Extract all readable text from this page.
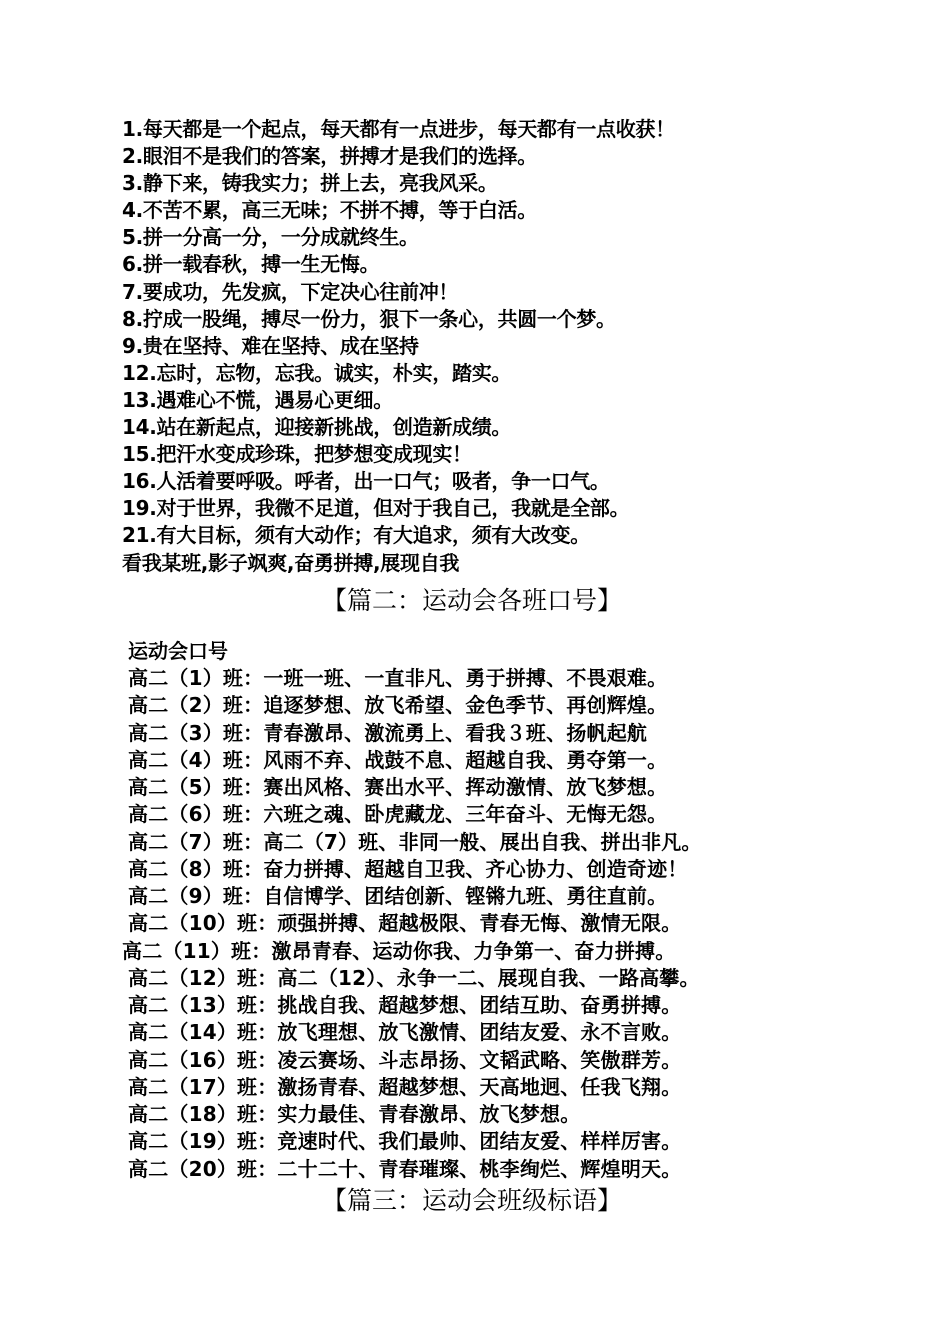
1.每天都是一个起点，每天都有一点进步，每天都有一点收获！
2.眼泪不是我们的答案，拼搏才是我们的选择。
3.静下来，铸我实力；拼上去，亮我风采。
4.不苦不累，高三无味；不拼不搏，等于白活。
5.拼一分高一分，一分成就终生。
6.拼一载春秋，搏一生无悔。
7.要成功，先发疯，下定决心往前冲！
8.拧成一股绳，搏尽一份力，狠下一条心，共圆一个梦。
9.贵在坚持、难在坚持、成在坚持
12.忘时，忘物，忘我。诚实，朴实，踏实。
13.遇难心不慌，遇易心更细。
14.站在新起点，迎接新挑战，创造新成绩。
15.把汗水变成珍珠，把梦想变成现实！
16.人活着要呼吸。呼者，出一口气；吸者，争一口气。
19.对于世界，我微不足道，但对于我自己，我就是全部。
21.有大目标，须有大动作；有大追求，须有大改变。
看我某班,影子飒爽,奋勇拼搏,展现自我
【篇二：运动会各班口号】
运动会口号
高二（1）班：一班一班、一直非凡、勇于拼搏、不畏艰难。
高二（2）班：追逐梦想、放飞希望、金色季节、再创辉煌。
高二（3）班：青春激昂、激流勇上、看我３班、扬帆起航
高二（4）班：风雨不弃、战鼓不息、超越自我、勇夺第一。
高二（5）班：赛出风格、赛出水平、挥动激情、放飞梦想。
高二（6）班：六班之魂、卧虎藏龙、三年奋斗、无悔无怨。
高二（7）班：高二（7）班、非同一般、展出自我、拼出非凡。
高二（8）班：奋力拼搏、超越自卫我、齐心协力、创造奇迹！
高二（9）班：自信博学、团结创新、铿锵九班、勇往直前。
高二（10）班：顽强拼搏、超越极限、青春无悔、激情无限。
高二（11）班：激昂青春、运动你我、力争第一、奋力拼搏。
高二（12）班：高二（12）、永争一二、展现自我、一路高攀。
高二（13）班：挑战自我、超越梦想、团结互助、奋勇拼搏。
高二（14）班：放飞理想、放飞激情、团结友爱、永不言败。
高二（16）班：凌云赛场、斗志昂扬、文韬武略、笑傲群芳。
高二（17）班：激扬青春、超越梦想、天高地迥、任我飞翔。
高二（18）班：实力最佳、青春激昂、放飞梦想。
高二（19）班：竞速时代、我们最帅、团结友爱、样样厉害。
高二（20）班：二十二十、青春璀璨、桃李绚烂、辉煌明天。
【篇三：运动会班级标语】
